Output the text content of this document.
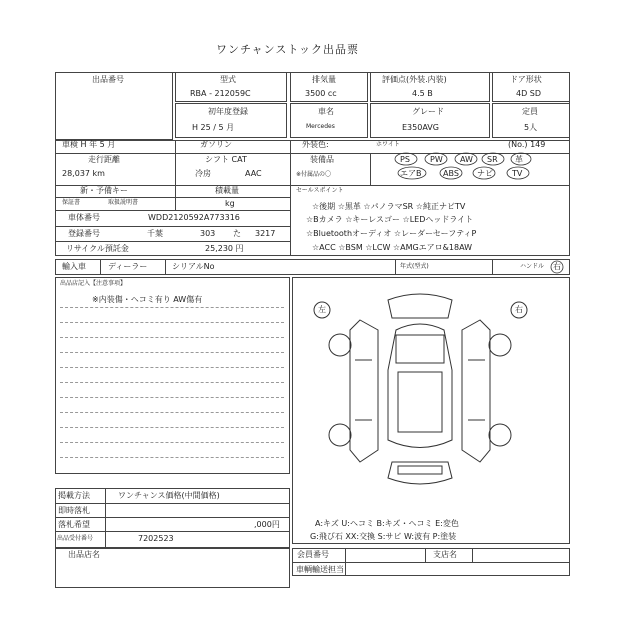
ワンチャンストック出品票
出品番号	型式
RBA - 212059C
初年度登録
H 25 / 5 月
排気量
3500 cc
車名
Mercedes
評価点(外装.内装)
4.5 B
グレード
E350AVG
ドア形状
4D SD
定員
5人
車検 H 年 5 月	ガソリン	外装色:	ホワイト	(No.) 149
走行距離
28,037 km
シフト CAT
冷房	AAC
装備品
※付属品の〇
PS	PW AW SR 革
エアB	ABS ナビ TV
新・予備キー	積載量
kg
保証書	取扱説明書
セールスポイント
車体番号	WDD2120592A773316
登録番号	千葉	303 た 3217
リサイクル預託金	25,230 円
☆後期 ☆黒革 ☆パノラマSR ☆純正ナビTV
☆Bカメラ ☆キーレスゴー ☆LEDヘッドライト
☆Bluetoothオーディオ ☆レーダーセーフティP
☆ACC ☆BSM ☆LCW ☆AMGエアロ&18AW
輸入車	ディーラー	シリアルNo	年式(型式)	ハンドル 右
出品店記入【注意事項】
※内装傷・ヘコミ有り AW傷有
左	右
A:キズ U:ヘコミ B:キズ・ヘコミ E:変色
G:飛び石 XX:交換 S:サビ W:波有 P:塗装
掲載方法	ワンチャンス価格(中間価格)
即時落札
落札希望	,000円
出品受付番号	7202523
出品店名	会員番号	支店名
車輌輸送担当
